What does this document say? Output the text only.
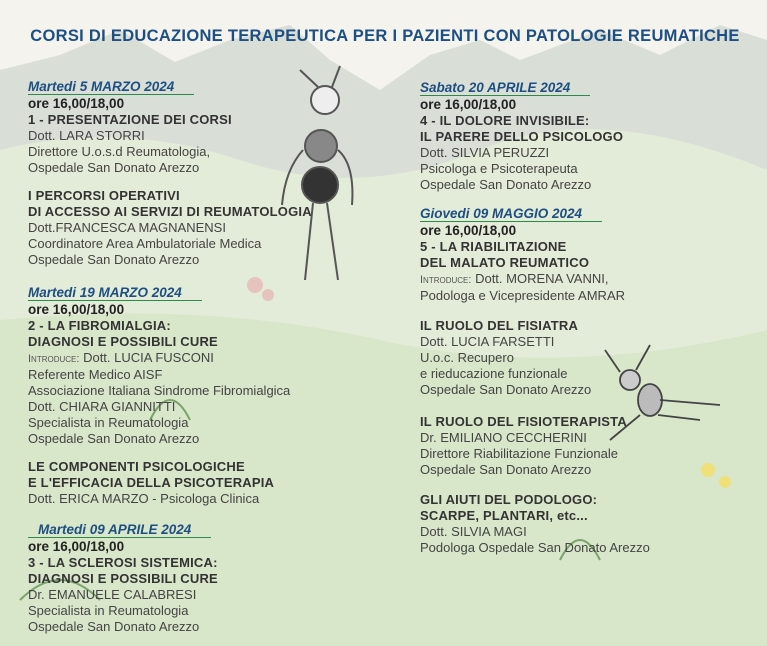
CORSI DI EDUCAZIONE TERAPEUTICA PER I PAZIENTI CON PATOLOGIE REUMATICHE
Martedi 5 MARZO 2024
ore 16,00/18,00
1 - PRESENTAZIONE DEI CORSI
Dott. LARA STORRI
Direttore U.o.s.d Reumatologia,
Ospedale San Donato Arezzo
I PERCORSI OPERATIVI
DI ACCESSO AI SERVIZI DI REUMATOLOGIA
Dott.FRANCESCA MAGNANENSI
Coordinatore Area Ambulatoriale Medica
Ospedale San Donato Arezzo
Martedi 19 MARZO 2024
ore 16,00/18,00
2 - LA FIBROMIALGIA:
DIAGNOSI E POSSIBILI CURE
Introduce: Dott. LUCIA FUSCONI
Referente Medico AISF
Associazione Italiana Sindrome Fibromialgica
Dott. CHIARA GIANNITTI
Specialista in Reumatologia
Ospedale San Donato Arezzo
LE COMPONENTI PSICOLOGICHE
E L'EFFICACIA DELLA PSICOTERAPIA
Dott. ERICA MARZO - Psicologa Clinica
Martedi 09 APRILE 2024
ore 16,00/18,00
3 - LA SCLEROSI SISTEMICA:
DIAGNOSI E POSSIBILI CURE
Dr. EMANUELE CALABRESI
Specialista in Reumatologia
Ospedale San Donato Arezzo
Sabato 20 APRILE 2024
ore 16,00/18,00
4 - IL DOLORE INVISIBILE:
IL PARERE DELLO PSICOLOGO
Dott. SILVIA PERUZZI
Psicologa e Psicoterapeuta
Ospedale San Donato Arezzo
Giovedi 09 MAGGIO 2024
ore 16,00/18,00
5 - LA RIABILITAZIONE
DEL MALATO REUMATICO
Introduce: Dott. MORENA VANNI,
Podologa e Vicepresidente AMRAR
IL RUOLO DEL FISIATRA
Dott. LUCIA FARSETTI
U.o.c. Recupero
e rieducazione funzionale
Ospedale San Donato Arezzo
IL RUOLO DEL FISIOTERAPISTA
Dr. EMILIANO CECCHERINI
Direttore Riabilitazione Funzionale
Ospedale San Donato Arezzo
GLI AIUTI DEL PODOLOGO:
SCARPE, PLANTARI, etc...
Dott. SILVIA MAGI
Podologa Ospedale San Donato Arezzo
